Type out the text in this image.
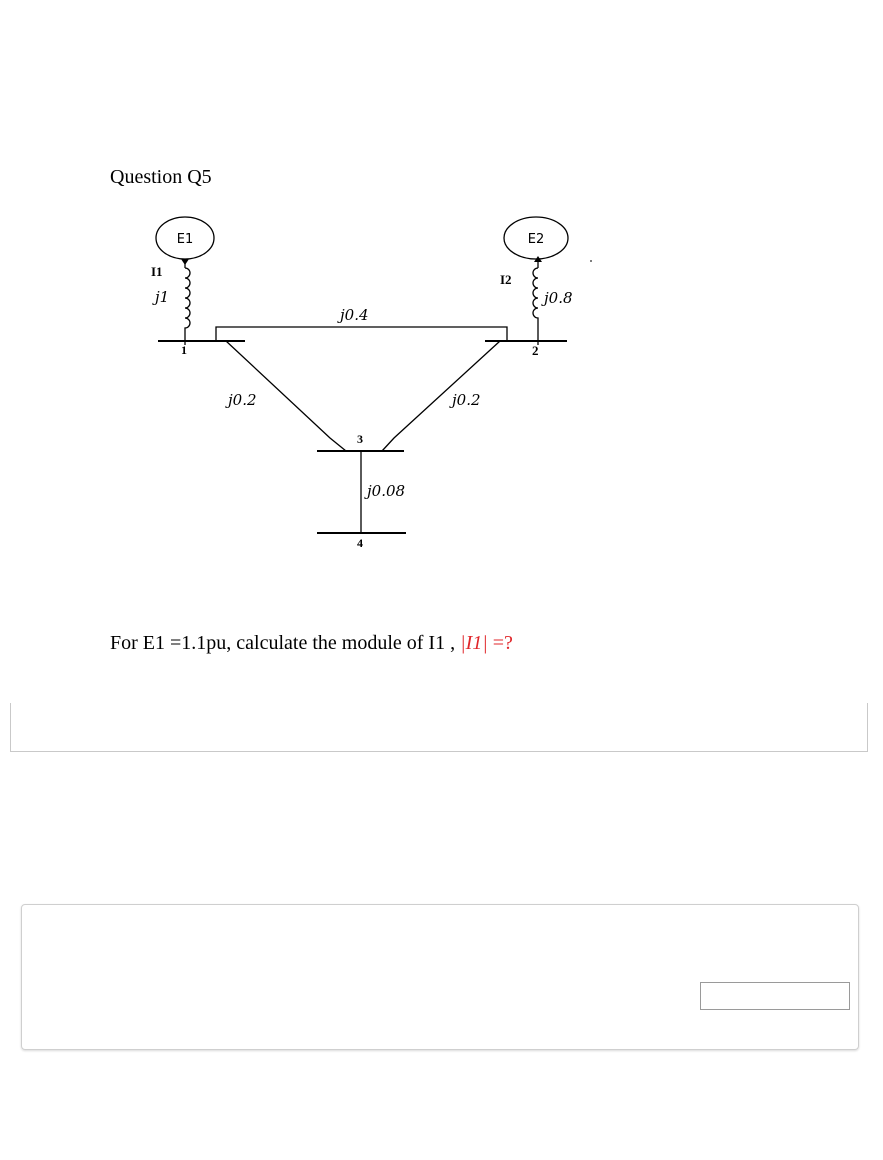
Question Q5
E1	E2
I1
I2
j1	j0.8
1	2
j0.4
j0.2	j0.2
3
j0.08
4
For E1 =1.1pu, calculate the module of I1 , |I1| =?
